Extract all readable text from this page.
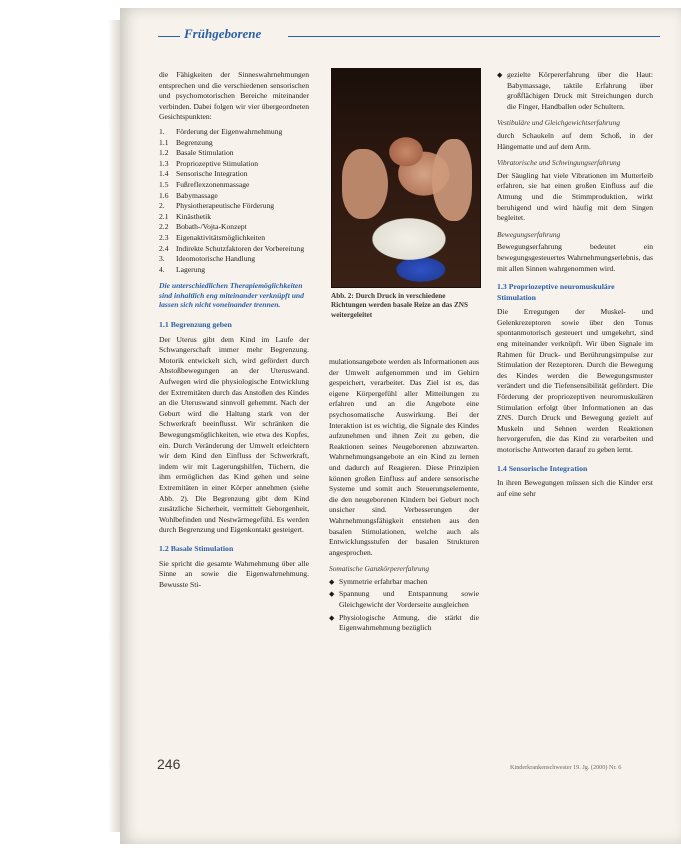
Frühgeborene

die Fähigkeiten der Sinneswahrnehmungen entsprechen und die verschiedenen sensorischen und psychomotorischen Bereiche miteinander verbinden. Dabei folgen wir vier übergeordneten Gesichtspunkten:

1.	Förderung der Eigenwahrnehmung
1.1 Begrenzung
1.2 Basale Stimulation
1.3 Propriozeptive Stimulation
1.4 Sensorische Integration
1.5 Fußreflexzonenmassage
1.6 Babymassage
2.	Physiotherapeutische Förderung
2.1 Kinästhetik
2.2 Bobath-/Vojta-Konzept
2.3 Eigenaktivitätsmöglichkeiten
2.4 Indirekte Schutzfaktoren der Vorbereitung
3.	Ideomotorische Handlung
4.	Lagerung
Die unterschiedlichen Therapiemöglichkeiten sind inhaltlich eng miteinander verknüpft und lassen sich nicht voneinander trennen.
1.1 Begrenzung geben

Der Uterus gibt dem Kind im Laufe der Schwangerschaft immer mehr Begrenzung. Motorik entwickelt sich, wird gefördert durch Abstoßbewegungen an der Uteruswand. Aufwegen wird die physiologische Entwicklung der Extremitäten durch das Anstoßen des Kindes an die Uteruswand sinnvoll gehemmt. Nach der Geburt wird die Haltung stark von der Schwerkraft beeinflusst. Wir schränken die Bewegungsmöglichkeiten, wie etwa des Kopfes, ein. Durch Veränderung der Umwelt erleichtern wir dem Kind den Einfluss der Schwerkraft, indem wir mit Lagerungshilfen, Tüchern, die ihm ermöglichen das Kind gehen und seine Extremitäten in einer Körper annehmen (siehe Abb. 2). Die Begrenzung gibt dem Kind zusätzliche Sicherheit, vermittelt Geborgenheit, Wohlbefinden und Nestwärmegefühl. Es werden durch Begrenzung und Eigenkontakt gesteigert.

1.2 Basale Stimulation

Sie spricht die gesamte Wahrnehmung über alle Sinne an sowie die Eigenwahrnehmung. Bewusste Sti-

Abb. 2: Durch Druck in verschiedene Richtungen werden basale Reize an das ZNS weitergeleitet

mulationsangebote werden als Informationen aus der Umwelt aufgenommen und im Gehirn gespeichert, verarbeitet. Das Ziel ist es, das eigene Körpergefühl aller Mitteilungen zu erfahren und an die Angebote eine psychosomatische Auswirkung. Bei der Interaktion ist es wichtig, die Signale des Kindes aufzunehmen und ihnen Zeit zu geben, die Reaktionen seines Neugeborenen abzuwarten. Wahrnehmungsangebote an ein Kind zu lernen und dadurch auf Reagieren. Diese Prinzipien können großen Einfluss auf andere sensorische Systeme und somit auch Steuerungselemente, die den neugeborenen Kindern bei Geburt noch unsicher sind. Verbesserungen der Wahrnehmungsfähigkeit entstehen aus den basalen Stimulationen, welche auch als Entwicklungsstufen der basalen Strukturen angesprochen.

Somatische Ganzkörpererfahrung
◆ Symmetrie erfahrbar machen
◆ Spannung und Entspannung sowie Gleichgewicht der Vorderseite ausgleichen
◆ Physiologische Atmung, die stärkt die Eigenwahrnehmung bezüglich
◆ gezielte Körpererfahrung über die Haut: Babymassage, taktile Erfahrung über großflächigen Druck mit Streichungen durch die Finger, Handballen oder Schultern.
Vestibuläre und Gleichgewichtserfahrung

durch Schaukeln auf dem Schoß, in der Hängematte und auf dem Arm.

Vibratorische und Schwingungserfahrung

Der Säugling hat viele Vibrationen im Mutterleib erfahren, sie hat einen großen Einfluss auf die Atmung und die Stimmproduktion, wirkt beruhigend und wird häufig mit dem Singen begleitet.

Bewegungserfahrung

Bewegungserfahrung bedeutet ein bewegungsgesteuertes Wahrnehmungserlebnis, das mit allen Sinnen wahrgenommen wird.

1.3 Propriozeptive neuromuskuläre Stimulation

Die Erregungen der Muskel- und Gelenkrezeptoren sowie über den Tonus spontanmotorisch gesteuert und umgekehrt, sind eng miteinander verknüpft. Wir üben Signale im Rahmen für Druck- und Berührungsimpulse zur Stimulation der Rezeptoren. Durch die Bewegung des Kindes werden die Bewegungsmuster verändert und die Tiefensensibilität gefördert. Die Förderung der propriozeptiven neuromuskulären Stimulation erfolgt über Informationen an das ZNS. Durch Druck und Bewegung gezielt auf Muskeln und Sehnen werden Reaktionen hervorgerufen, die das Kind zu verarbeiten und motorische Antworten darauf zu geben lernt.

1.4 Sensorische Integration

In ihren Bewegungen müssen sich die Kinder erst auf eine sehr

246	Kinderkrankenschwester 19. Jg. (2000) Nr. 6
